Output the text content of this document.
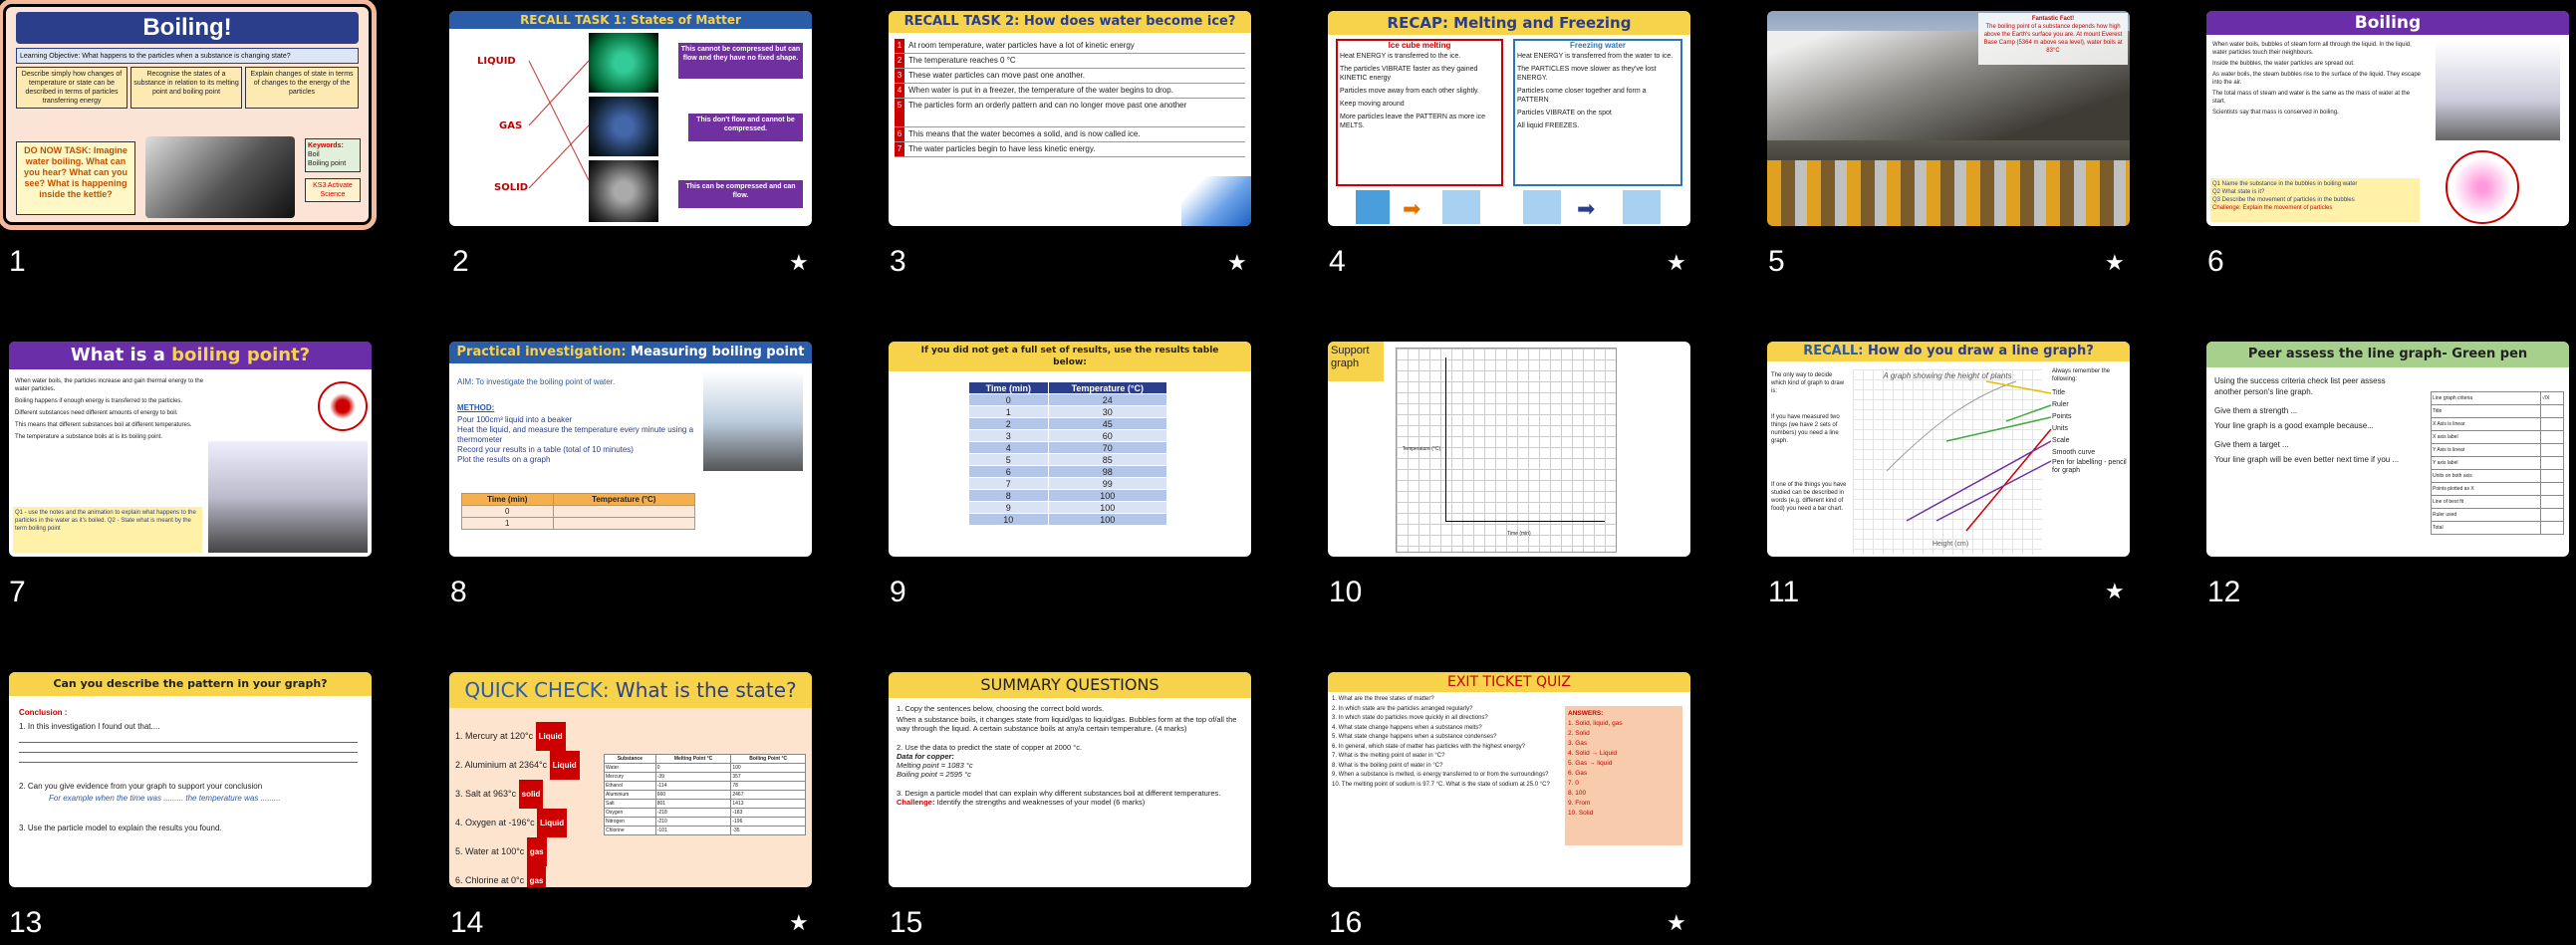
Boiling!
Learning Objective: What happens to the particles when a substance is changing state?
Describe simply how changes of temperature or state can be described in terms of particles transferring energy
Recognise the states of a substance in relation to its melting point and boiling point
Explain changes of state in terms of changes to the energy of the particles
DO NOW TASK: Imagine water boiling. What can you hear? What can you see? What is happening inside the kettle?
Keywords:
Boil
Boiling point
KS3 Activate Science
1
RECALL TASK 1: States of Matter
LIQUID
GAS
SOLID
This cannot be compressed but can flow and they have no fixed shape.
This don't flow and cannot be compressed.
This can be compressed and can flow.
2	★
RECALL TASK 2: How does water become ice?
1 At room temperature, water particles have a lot of kinetic energy
2 The temperature reaches 0 °C
3 These water particles can move past one another.
4 When water is put in a freezer, the temperature of the water begins to drop.
5 The particles form an orderly pattern and can no longer move past one another
6 This means that the water becomes a solid, and is now called ice.
7 The water particles begin to have less kinetic energy.
3	★
RECAP: Melting and Freezing
Ice cube melting
Heat ENERGY is transferred to the ice.
The particles VIBRATE faster as they gained KINETIC energy
Particles move away from each other slightly.
Keep moving around
More particles leave the PATTERN as more ice MELTS.
Freezing water
Heat ENERGY is transferred from the water to ice.
The PARTICLES move slower as they've lost ENERGY.
Particles come closer together and form a PATTERN
Particles VIBRATE on the spot
All liquid FREEZES.
➡	➡
4	★
Fantastic Fact!
The boiling point of a substance depends how high above the Earth's surface you are. At mount Everest Base Camp (5364 m above sea level), water boils at 83°C
5	★
Boiling
When water boils, bubbles of steam form all through the liquid. In the liquid, water particles touch their neighbours.
Inside the bubbles, the water particles are spread out.
As water boils, the steam bubbles rise to the surface of the liquid. They escape into the air.
The total mass of steam and water is the same as the mass of water at the start.
Scientists say that mass is conserved in boiling.
Q1 Name the substance in the bubbles in boiling water
Q2 What state is it?
Q3 Describe the movement of particles in the bubbles
Challenge: Explain the movement of particles
6
What is a boiling point?
When water boils, the particles increase and gain thermal energy to the water particles.
Boiling happens if enough energy is transferred to the particles.
Different substances need different amounts of energy to boil.
This means that different substances boil at different temperatures.
The temperature a substance boils at is its boiling point.
Q1 - use the notes and the animation to explain what happens to the particles in the water as it's boiled. Q2 - State what is meant by the term boiling point
7
Practical investigation: Measuring boiling point
AIM: To investigate the boiling point of water.
METHOD:
Pour 100cm³ liquid into a beaker
Heat the liquid, and measure the temperature every minute using a thermometer
Record your results in a table (total of 10 minutes)
Plot the results on a graph
Time (min)	Temperature (°C)
0	
1	
8
If you did not get a full set of results, use the results table below:
Time (min)	Temperature (°C)
0	24
1	30
2	45
3	60
4	70
5	85
6	98
7	99
8	100
9	100
10	100
9
Support graph
Temperature (°C)
Time (min)
10
RECALL: How do you draw a line graph?
The only way to decide which kind of graph to draw is:
If you have measured two things (we have 2 sets of numbers) you need a line graph.
If one of the things you have studied can be described in words (e.g. different kind of food) you need a bar chart.
A graph showing the height of plants
Height (cm)
Always remember the following:
Title
Ruler
Points
Units
Scale
Smooth curve
Pen for labelling - pencil for graph
11	★
Peer assess the line graph- Green pen
Using the success criteria check list peer assess another person's line graph.
Give them a strength ...
Your line graph is a good example because...
Give them a target ...
Your line graph will be even better next time if you ...
Line graph criteria	√/X
Title	
X Axis is linear	
X axis label	
Y Axis is linear	
Y axis label	
Units on both axis	
Points plotted as X	
Line of best fit	
Ruler used	
Total	
12
Can you describe the pattern in your graph?
Conclusion :
1. In this investigation I found out that....
2. Can you give evidence from your graph to support your conclusion
For example when the time was ......... the temperature was .........
3. Use the particle model to explain the results you found.
13
QUICK CHECK: What is the state?
1. Mercury at 120°c Liquid
2. Aluminium at 2364°c Liquid
3. Salt at 963°c solid
4. Oxygen at -196°c Liquid
5. Water at 100°c gas
6. Chlorine at 0°c gas
Substance	Melting Point °C	Boiling Point °C
Water	0	100
Mercury	-39	357
Ethanol	-114	78
Aluminium	660	2467
Salt	801	1413
Oxygen	-218	-183
Nitrogen	-210	-196
Chlorine	-101	-35
14	★
SUMMARY QUESTIONS
1. Copy the sentences below, choosing the correct bold words.
When a substance boils, it changes state from liquid/gas to liquid/gas. Bubbles form at the top of/all the way through the liquid. A certain substance boils at any/a certain temperature. (4 marks)
2. Use the data to predict the state of copper at 2000 °c.
Data for copper:
Melting point = 1083 °c
Boiling point = 2595 °c
3. Design a particle model that can explain why different substances boil at different temperatures. Challenge: Identify the strengths and weaknesses of your model (6 marks)
15
EXIT TICKET QUIZ
1. What are the three states of matter?
2. In which state are the particles arranged regularly?
3. In which state do particles move quickly in all directions?
4. What state change happens when a substance melts?
5. What state change happens when a substance condenses?
6. In general, which state of matter has particles with the highest energy?
7. What is the melting point of water in °C?
8. What is the boiling point of water in °C?
9. When a substance is melted, is energy transferred to or from the surroundings?
10. The melting point of sodium is 97.7 °C. What is the state of sodium at 25.0 °C?
ANSWERS:
1. Solid, liquid, gas
2. Solid
3. Gas
4. Solid → Liquid
5. Gas → liquid
6. Gas
7. 0
8. 100
9. From
10. Solid
16	★
